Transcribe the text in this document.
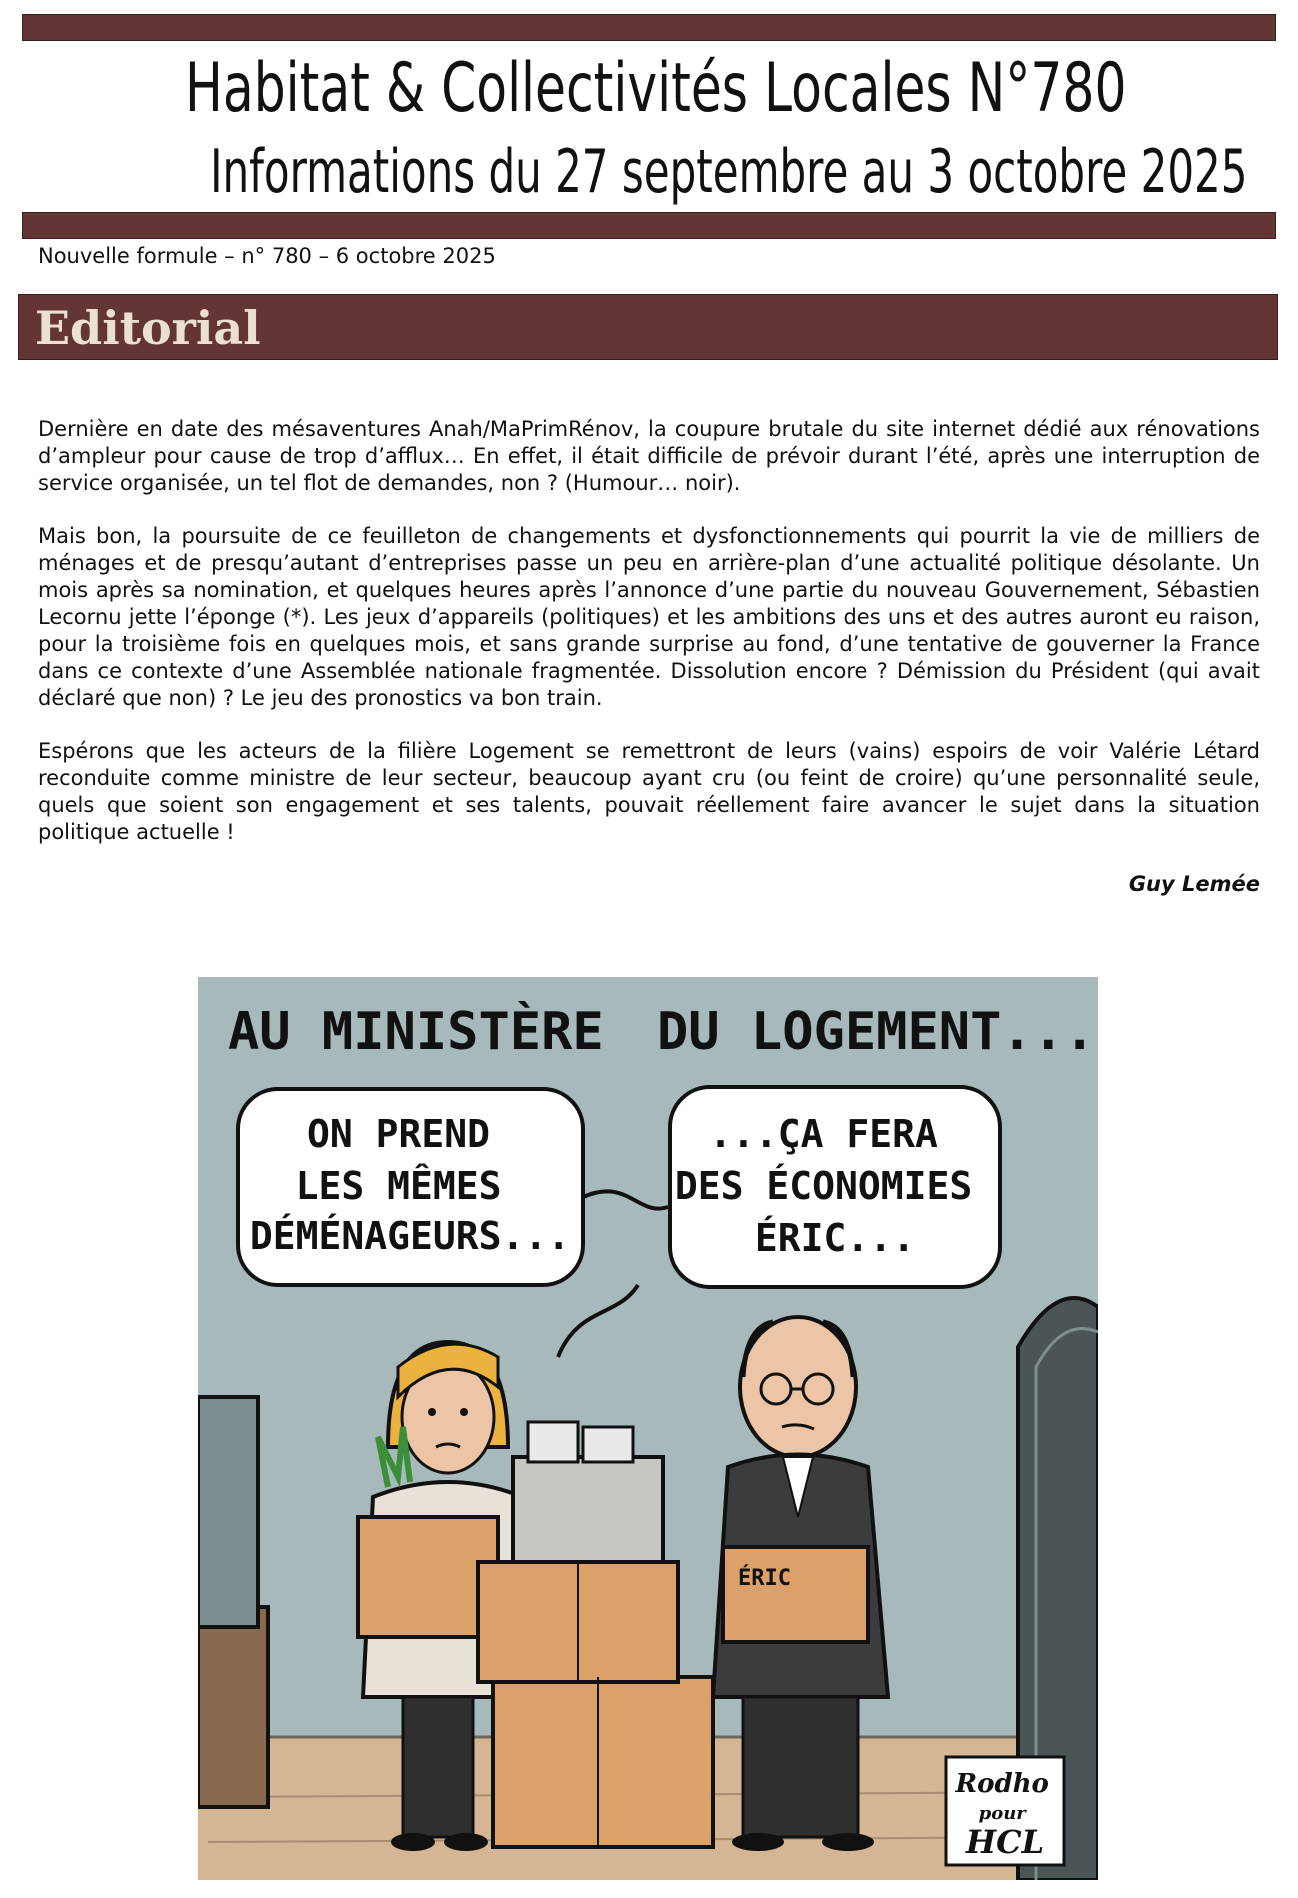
Habitat & Collectivités Locales N°780
Informations du 27 septembre au 3 octobre 2025
Nouvelle formule – n° 780 – 6 octobre 2025
Editorial

Dernière en date des mésaventures Anah/MaPrimRénov, la coupure brutale du site internet dédié aux rénovations d’ampleur pour cause de trop d’afflux… En effet, il était difficile de prévoir durant l’été, après une interruption de service organisée, un tel flot de demandes, non ? (Humour… noir).

Mais bon, la poursuite de ce feuilleton de changements et dysfonctionnements qui pourrit la vie de milliers de ménages et de presqu’autant d’entreprises passe un peu en arrière-plan d’une actualité politique désolante. Un mois après sa nomination, et quelques heures après l’annonce d’une partie du nouveau Gouvernement, Sébastien Lecornu jette l’éponge (*). Les jeux d’appareils (politiques) et les ambitions des uns et des autres auront eu raison, pour la troisième fois en quelques mois, et sans grande surprise au fond, d’une tentative de gouverner la France dans ce contexte d’une Assemblée nationale fragmentée. Dissolution encore ? Démission du Président (qui avait déclaré que non) ? Le jeu des pronostics va bon train.

Espérons que les acteurs de la filière Logement se remettront de leurs (vains) espoirs de voir Valérie Létard reconduite comme ministre de leur secteur, beaucoup ayant cru (ou feint de croire) qu’une personnalité seule, quels que soient son engagement et ses talents, pouvait réellement faire avancer le sujet dans la situation politique actuelle !

Guy Lemée
AU MINISTÈRE DU LOGEMENT...
ON PREND LES MÊMES DÉMÉNAGEURS...
...ÇA FERA DES ÉCONOMIES ÉRIC...
ÉRIC
Rodho pour HCL
